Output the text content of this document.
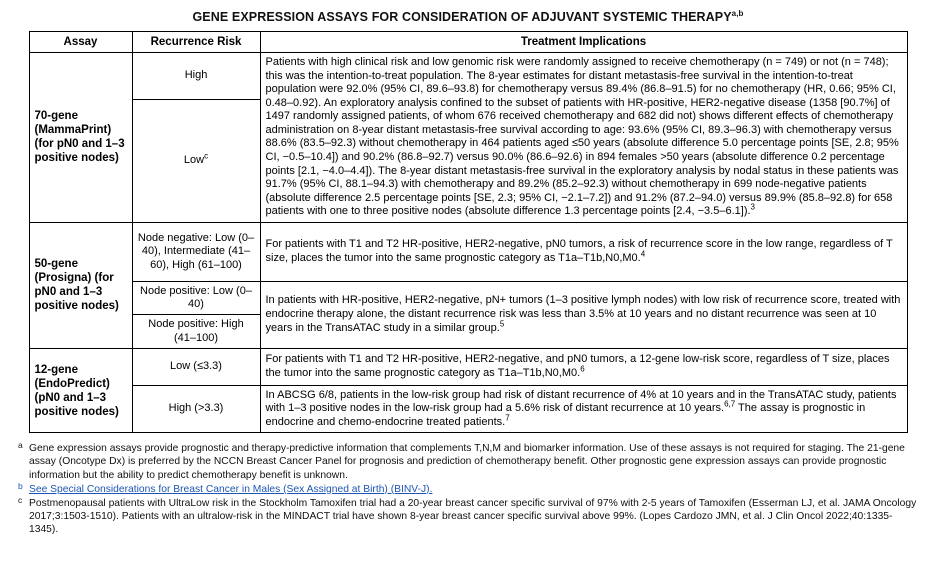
GENE EXPRESSION ASSAYS FOR CONSIDERATION OF ADJUVANT SYSTEMIC THERAPY$^{a,b}$
Assay	Recurrence Risk	Treatment Implications
70-gene (MammaPrint) (for pN0 and 1–3 positive nodes)	High	Patients with high clinical risk and low genomic risk were randomly assigned to receive chemotherapy (n = 749) or not (n = 748); this was the intention-to-treat population. The 8-year estimates for distant metastasis-free survival in the intention-to-treat population were 92.0% (95% CI, 89.6–93.8) for chemotherapy versus 89.4% (86.8–91.5) for no chemotherapy (HR, 0.66; 95% CI, 0.48–0.92). An exploratory analysis confined to the subset of patients with HR-positive, HER2-negative disease (1358 [90.7%] of 1497 randomly assigned patients, of whom 676 received chemotherapy and 682 did not) shows different effects of chemotherapy administration on 8-year distant metastasis-free survival according to age: 93.6% (95% CI, 89.3–96.3) with chemotherapy versus 88.6% (83.5–92.3) without chemotherapy in 464 patients aged ≤50 years (absolute difference 5.0 percentage points [SE, 2.8; 95% CI, −0.5–10.4]) and 90.2% (86.8–92.7) versus 90.0% (86.6–92.6) in 894 females >50 years (absolute difference 0.2 percentage points [2.1, −4.0–4.4]). The 8-year distant metastasis-free survival in the exploratory analysis by nodal status in these patients was 91.7% (95% CI, 88.1–94.3) with chemotherapy and 89.2% (85.2–92.3) without chemotherapy in 699 node-negative patients (absolute difference 2.5 percentage points [SE, 2.3; 95% CI, −2.1–7.2]) and 91.2% (87.2–94.0) versus 89.9% (85.8–92.8) for 658 patients with one to three positive nodes (absolute difference 1.3 percentage points [2.4, −3.5–6.1]).$^3$
	Low$^c$
50-gene (Prosigna) (for pN0 and 1–3 positive nodes)	Node negative: Low (0–40), Intermediate (41–60), High (61–100)	For patients with T1 and T2 HR-positive, HER2-negative, pN0 tumors, a risk of recurrence score in the low range, regardless of T size, places the tumor into the same prognostic category as T1a–T1b,N0,M0.$^4$
	Node positive: Low (0–40)	In patients with HR-positive, HER2-negative, pN+ tumors (1–3 positive lymph nodes) with low risk of recurrence score, treated with endocrine therapy alone, the distant recurrence risk was less than 3.5% at 10 years and no distant recurrence was seen at 10 years in the TransATAC study in a similar group.$^5$
	Node positive: High (41–100)	
12-gene (EndoPredict) (pN0 and 1–3 positive nodes)	Low (≤3.3)	For patients with T1 and T2 HR-positive, HER2-negative, and pN0 tumors, a 12-gene low-risk score, regardless of T size, places the tumor into the same prognostic category as T1a–T1b,N0,M0.$^6$
	High (>3.3)	In ABCSG 6/8, patients in the low-risk group had risk of distant recurrence of 4% at 10 years and in the TransATAC study, patients with 1–3 positive nodes in the low-risk group had a 5.6% risk of distant recurrence at 10 years.$^{6,7}$ The assay is prognostic in endocrine and chemo-endocrine treated patients.$^7$
a Gene expression assays provide prognostic and therapy-predictive information that complements T,N,M and biomarker information. Use of these assays is not required for staging. The 21-gene assay (Oncotype Dx) is preferred by the NCCN Breast Cancer Panel for prognosis and prediction of chemotherapy benefit. Other prognostic gene expression assays can provide prognostic information but the ability to predict chemotherapy benefit is unknown.
b See Special Considerations for Breast Cancer in Males (Sex Assigned at Birth) (BINV-J).
c Postmenopausal patients with UltraLow risk in the Stockholm Tamoxifen trial had a 20-year breast cancer specific survival of 97% with 2-5 years of Tamoxifen (Esserman LJ, et al. JAMA Oncology 2017;3:1503-1510). Patients with an ultralow-risk in the MINDACT trial have shown 8-year breast cancer specific survival above 99%. (Lopes Cardozo JMN, et al. J Clin Oncol 2022;40:1335-1345).
